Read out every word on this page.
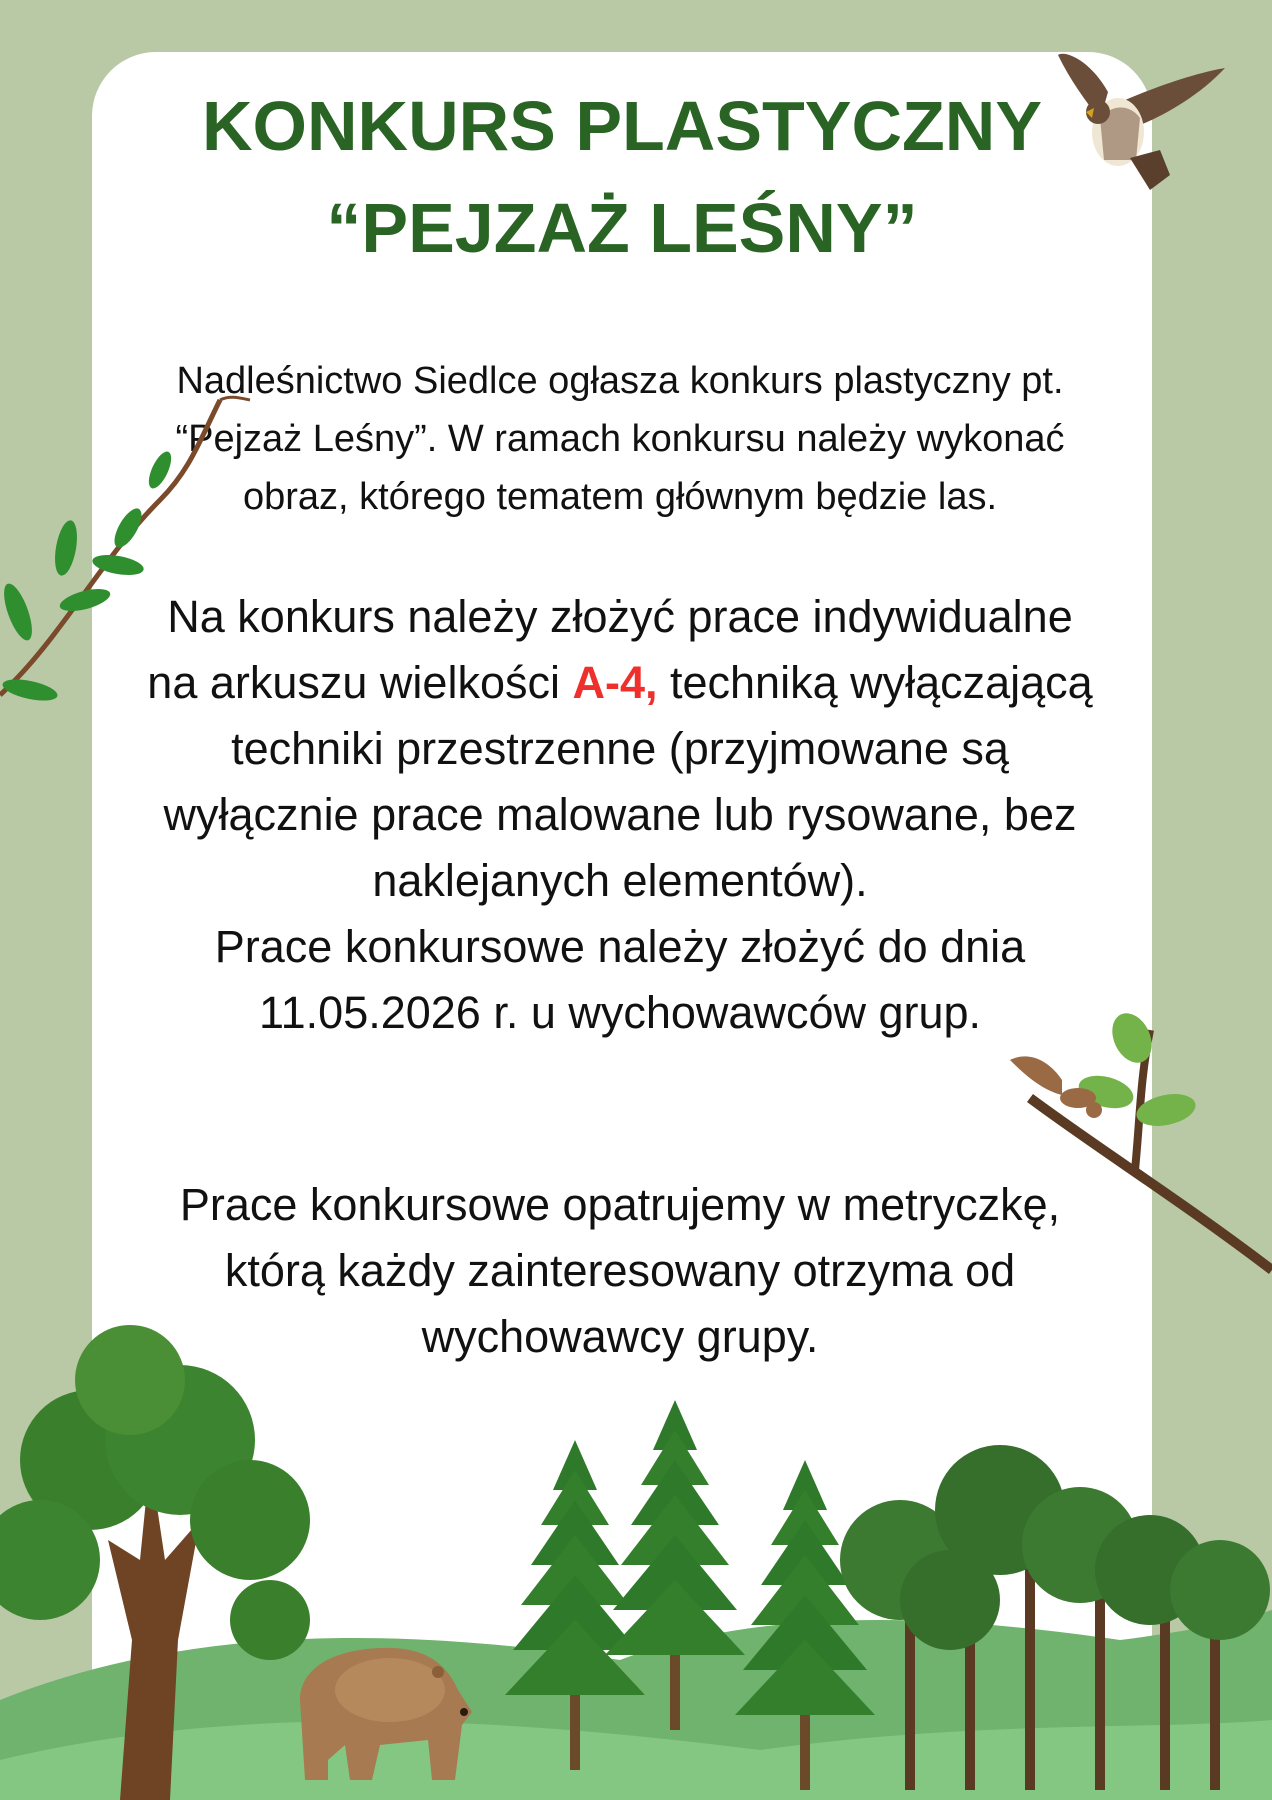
KONKURS PLASTYCZNY
“PEJZAŻ LEŚNY”

Nadleśnictwo Siedlce ogłasza konkurs plastyczny pt.
“Pejzaż Leśny”. W ramach konkursu należy wykonać
obraz, którego tematem głównym będzie las.

Na konkurs należy złożyć prace indywidualne
na arkuszu wielkości A-4, techniką wyłączającą
techniki przestrzenne (przyjmowane są
wyłącznie prace malowane lub rysowane, bez
naklejanych elementów).
Prace konkursowe należy złożyć do dnia
11.05.2026 r. u wychowawców grup.

Prace konkursowe opatrujemy w metryczkę,
którą każdy zainteresowany otrzyma od
wychowawcy grupy.
